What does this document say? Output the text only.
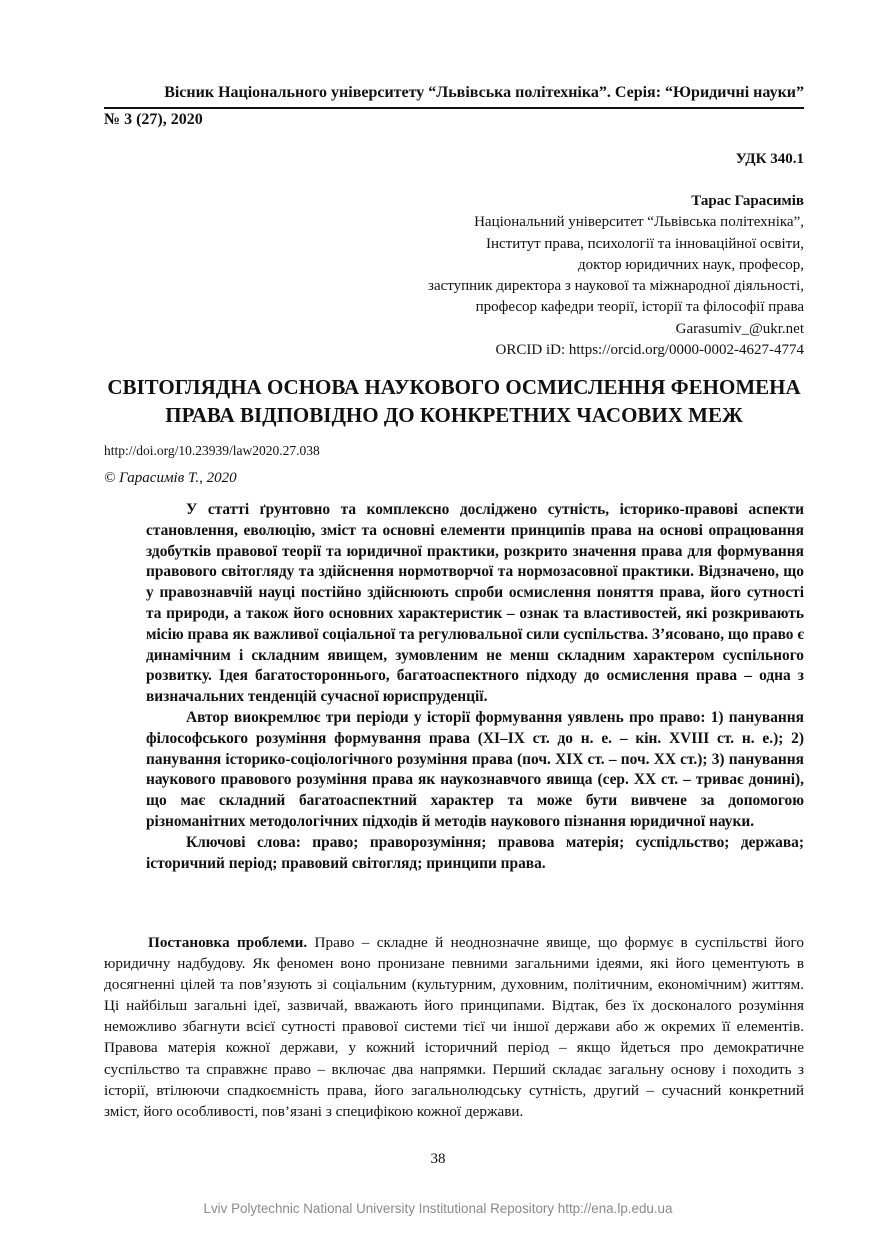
Вісник Національного університету “Львівська політехніка”. Серія: “Юридичні науки”
№ 3 (27), 2020
УДК 340.1
Тарас Гарасимів
Національний університет “Львівська політехніка”,
Інститут права, психології та інноваційної освіти,
доктор юридичних наук, професор,
заступник директора з наукової та міжнародної діяльності,
професор кафедри теорії, історії та філософії права
Garasumiv_@ukr.net
ORCID iD: https://orcid.org/0000-0002-4627-4774
СВІТОГЛЯДНА ОСНОВА НАУКОВОГО ОСМИСЛЕННЯ ФЕНОМЕНА
ПРАВА ВІДПОВІДНО ДО КОНКРЕТНИХ ЧАСОВИХ МЕЖ
http://doi.org/10.23939/law2020.27.038
© Гарасимів Т., 2020

У статті ґрунтовно та комплексно досліджено сутність, історико-правові аспекти становлення, еволюцію, зміст та основні елементи принципів права на основі опрацювання здобутків правової теорії та юридичної практики, розкрито значення права для формування правового світогляду та здійснення нормотворчої та нормозасовної практики. Відзначено, що у правознавчій науці постійно здійснюють спроби осмислення поняття права, його сутності та природи, а також його основних характеристик – ознак та властивостей, які розкривають місію права як важливої соціальної та регулювальної сили суспільства. З’ясовано, що право є динамічним і складним явищем, зумовленим не менш складним характером суспільного розвитку. Ідея багатостороннього, багатоаспектного підходу до осмислення права – одна з визначальних тенденцій сучасної юриспруденції.

Автор виокремлює три періоди у історії формування уявлень про право: 1) панування філософського розуміння формування права (XI–IX ст. до н. е. – кін. XVIII ст. н. е.); 2) панування історико-соціологічного розуміння права (поч. XIX ст. – поч. XX ст.); 3) панування наукового правового розуміння права як наукознавчого явища (сер. XX ст. – триває донині), що має складний багатоаспектний характер та може бути вивчене за допомогою різноманітних методологічних підходів й методів наукового пізнання юридичної науки.

Ключові слова: право; праворозуміння; правова матерія; суспідльство; держава; історичний період; правовий світогляд; принципи права.

Постановка проблеми. Право – складне й неоднозначне явище, що формує в суспільстві його юридичну надбудову. Як феномен воно пронизане певними загальними ідеями, які його цементують в досягненні цілей та пов’язують зі соціальним (культурним, духовним, політичним, економічним) життям. Ці найбільш загальні ідеї, зазвичай, вважають його принципами. Відтак, без їх досконалого розуміння неможливо збагнути всієї сутності правової системи тієї чи іншої держави або ж окремих її елементів. Правова матерія кожної держави, у кожний історичний період – якщо йдеться про демократичне суспільство та справжнє право – включає два напрямки. Перший складає загальну основу і походить з історії, втілюючи спадкоємність права, його загальнолюдську сутність, другий – сучасний конкретний зміст, його особливості, пов’язані з специфікою кожної держави.

38
Lviv Polytechnic National University Institutional Repository http://ena.lp.edu.ua
